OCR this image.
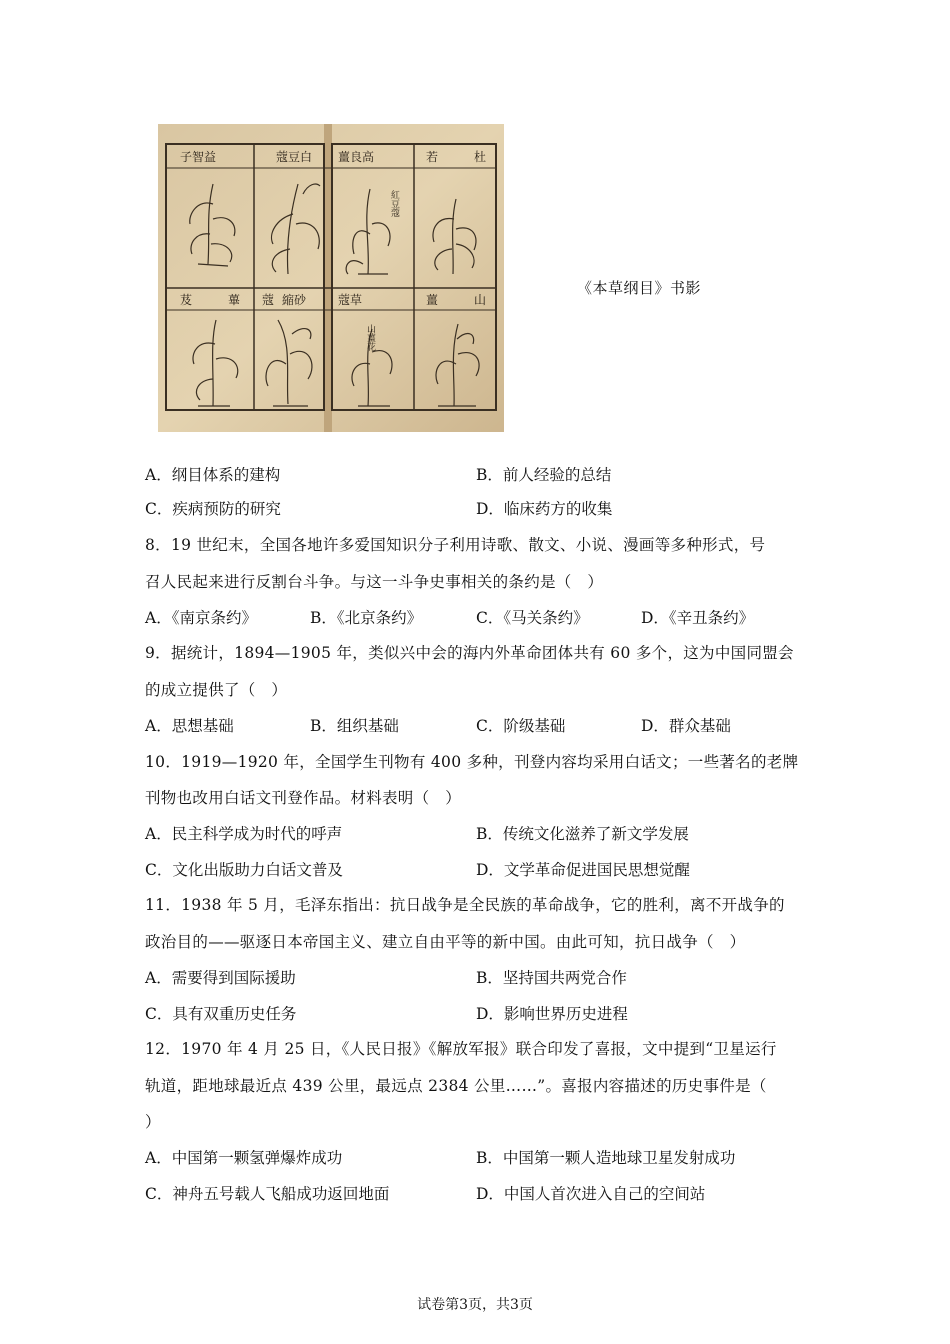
子智益	蔻豆白 薑良高	若	杜
芨	蓽 蔻 縮砂	蔻草	薑	山
紅豆蔻
山薑花
《本草纲目》书影
A．纲目体系的建构	B．前人经验的总结
C．疾病预防的研究	D．临床药方的收集
8．19 世纪末，全国各地许多爱国知识分子利用诗歌、散文、小说、漫画等多种形式，号
召人民起来进行反割台斗争。与这一斗争史事相关的条约是（　）
A．《南京条约》	B．《北京条约》	C．《马关条约》	D．《辛丑条约》
9．据统计，1894—1905 年，类似兴中会的海内外革命团体共有 60 多个，这为中国同盟会
的成立提供了（　）
A．思想基础	B．组织基础	C．阶级基础	D．群众基础
10．1919—1920 年，全国学生刊物有 400 多种，刊登内容均采用白话文；一些著名的老牌
刊物也改用白话文刊登作品。材料表明（　）
A．民主科学成为时代的呼声	B．传统文化滋养了新文学发展
C．文化出版助力白话文普及	D．文学革命促进国民思想觉醒
11．1938 年 5 月，毛泽东指出：抗日战争是全民族的革命战争，它的胜利，离不开战争的
政治目的——驱逐日本帝国主义、建立自由平等的新中国。由此可知，抗日战争（　）
A．需要得到国际援助	B．坚持国共两党合作
C．具有双重历史任务	D．影响世界历史进程
12．1970 年 4 月 25 日，《人民日报》《解放军报》联合印发了喜报，文中提到“卫星运行
轨道，距地球最近点 439 公里，最远点 2384 公里……”。喜报内容描述的历史事件是（
）
A．中国第一颗氢弹爆炸成功	B．中国第一颗人造地球卫星发射成功
C．神舟五号载人飞船成功返回地面	D．中国人首次进入自己的空间站
试卷第3页，共3页
